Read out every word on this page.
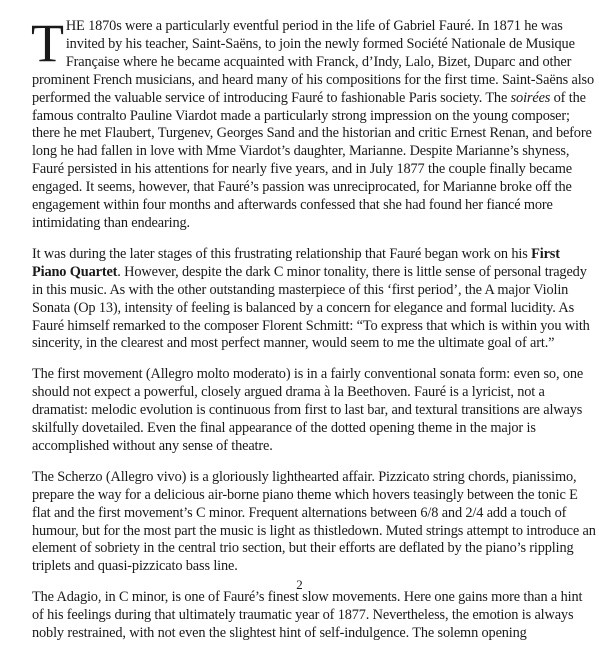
THE 1870s were a particularly eventful period in the life of Gabriel Fauré. In 1871 he was invited by his teacher, Saint-Saëns, to join the newly formed Société Nationale de Musique Française where he became acquainted with Franck, d’Indy, Lalo, Bizet, Duparc and other prominent French musicians, and heard many of his compositions for the first time. Saint-Saëns also performed the valuable service of introducing Fauré to fashionable Paris society. The soirées of the famous contralto Pauline Viardot made a particularly strong impression on the young composer; there he met Flaubert, Turgenev, Georges Sand and the historian and critic Ernest Renan, and before long he had fallen in love with Mme Viardot’s daughter, Marianne. Despite Marianne’s shyness, Fauré persisted in his attentions for nearly five years, and in July 1877 the couple finally became engaged. It seems, however, that Fauré’s passion was unreciprocated, for Marianne broke off the engagement within four months and afterwards confessed that she had found her fiancé more intimidating than endearing.

It was during the later stages of this frustrating relationship that Fauré began work on his First Piano Quartet. However, despite the dark C minor tonality, there is little sense of personal tragedy in this music. As with the other outstanding masterpiece of this ‘first period’, the A major Violin Sonata (Op 13), intensity of feeling is balanced by a concern for elegance and formal lucidity. As Fauré himself remarked to the composer Florent Schmitt: “To express that which is within you with sincerity, in the clearest and most perfect manner, would seem to me the ultimate goal of art.”

The first movement (Allegro molto moderato) is in a fairly conventional sonata form: even so, one should not expect a powerful, closely argued drama à la Beethoven. Fauré is a lyricist, not a dramatist: melodic evolution is continuous from first to last bar, and textural transitions are always skilfully dovetailed. Even the final appearance of the dotted opening theme in the major is accomplished without any sense of theatre.

The Scherzo (Allegro vivo) is a gloriously lighthearted affair. Pizzicato string chords, pianissimo, prepare the way for a delicious air-borne piano theme which hovers teasingly between the tonic E flat and the first movement’s C minor. Frequent alternations between 6/8 and 2/4 add a touch of humour, but for the most part the music is light as thistledown. Muted strings attempt to introduce an element of sobriety in the central trio section, but their efforts are deflated by the piano’s rippling triplets and quasi-pizzicato bass line.

The Adagio, in C minor, is one of Fauré’s finest slow movements. Here one gains more than a hint of his feelings during that ultimately traumatic year of 1877. Nevertheless, the emotion is always nobly restrained, with not even the slightest hint of self-indulgence. The solemn opening

2
